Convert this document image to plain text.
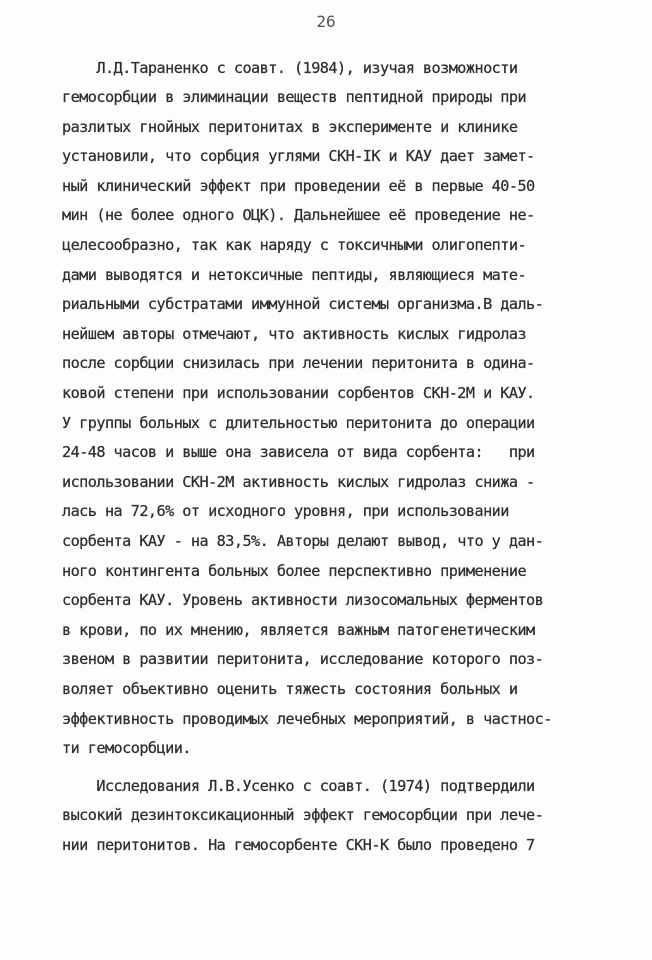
26
Л.Д.Тараненко с соавт. (1984), изучая возможности
гемосорбции в элиминации веществ пептидной природы при
разлитых гнойных перитонитах в эксперименте и клинике
установили, что сорбция углями СКН-IK и КАУ дает замет-
ный клинический эффект при проведении её в первые 40-50
мин (не более одного ОЦК). Дальнейшее её проведение не-
целесообразно, так как наряду с токсичными олигопепти-
дами выводятся и нетоксичные пептиды, являющиеся мате-
риальными субстратами иммунной системы организма.В даль-
нейшем авторы отмечают, что активность кислых гидролаз
после сорбции снизилась при лечении перитонита в одина-
ковой степени при использовании сорбентов СКН-2М и КАУ.
У группы больных с длительностью перитонита до операции
24-48 часов и выше она зависела от вида сорбента:   при
использовании СКН-2М активность кислых гидролаз снижа -
лась на 72,6% от исходного уровня, при использовании
сорбента КАУ - на 83,5%. Авторы делают вывод, что у дан-
ного контингента больных более перспективно применение
сорбента КАУ. Уровень активности лизосомальных ферментов
в крови, по их мнению, является важным патогенетическим
звеном в развитии перитонита, исследование которого поз-
воляет объективно оценить тяжесть состояния больных и
эффективность проводимых лечебных мероприятий, в частнос-
ти гемосорбции.
Исследования Л.В.Усенко с соавт. (1974) подтвердили
высокий дезинтоксикационный эффект гемосорбции при лече-
нии перитонитов. На гемосорбенте СКН-К было проведено 7
